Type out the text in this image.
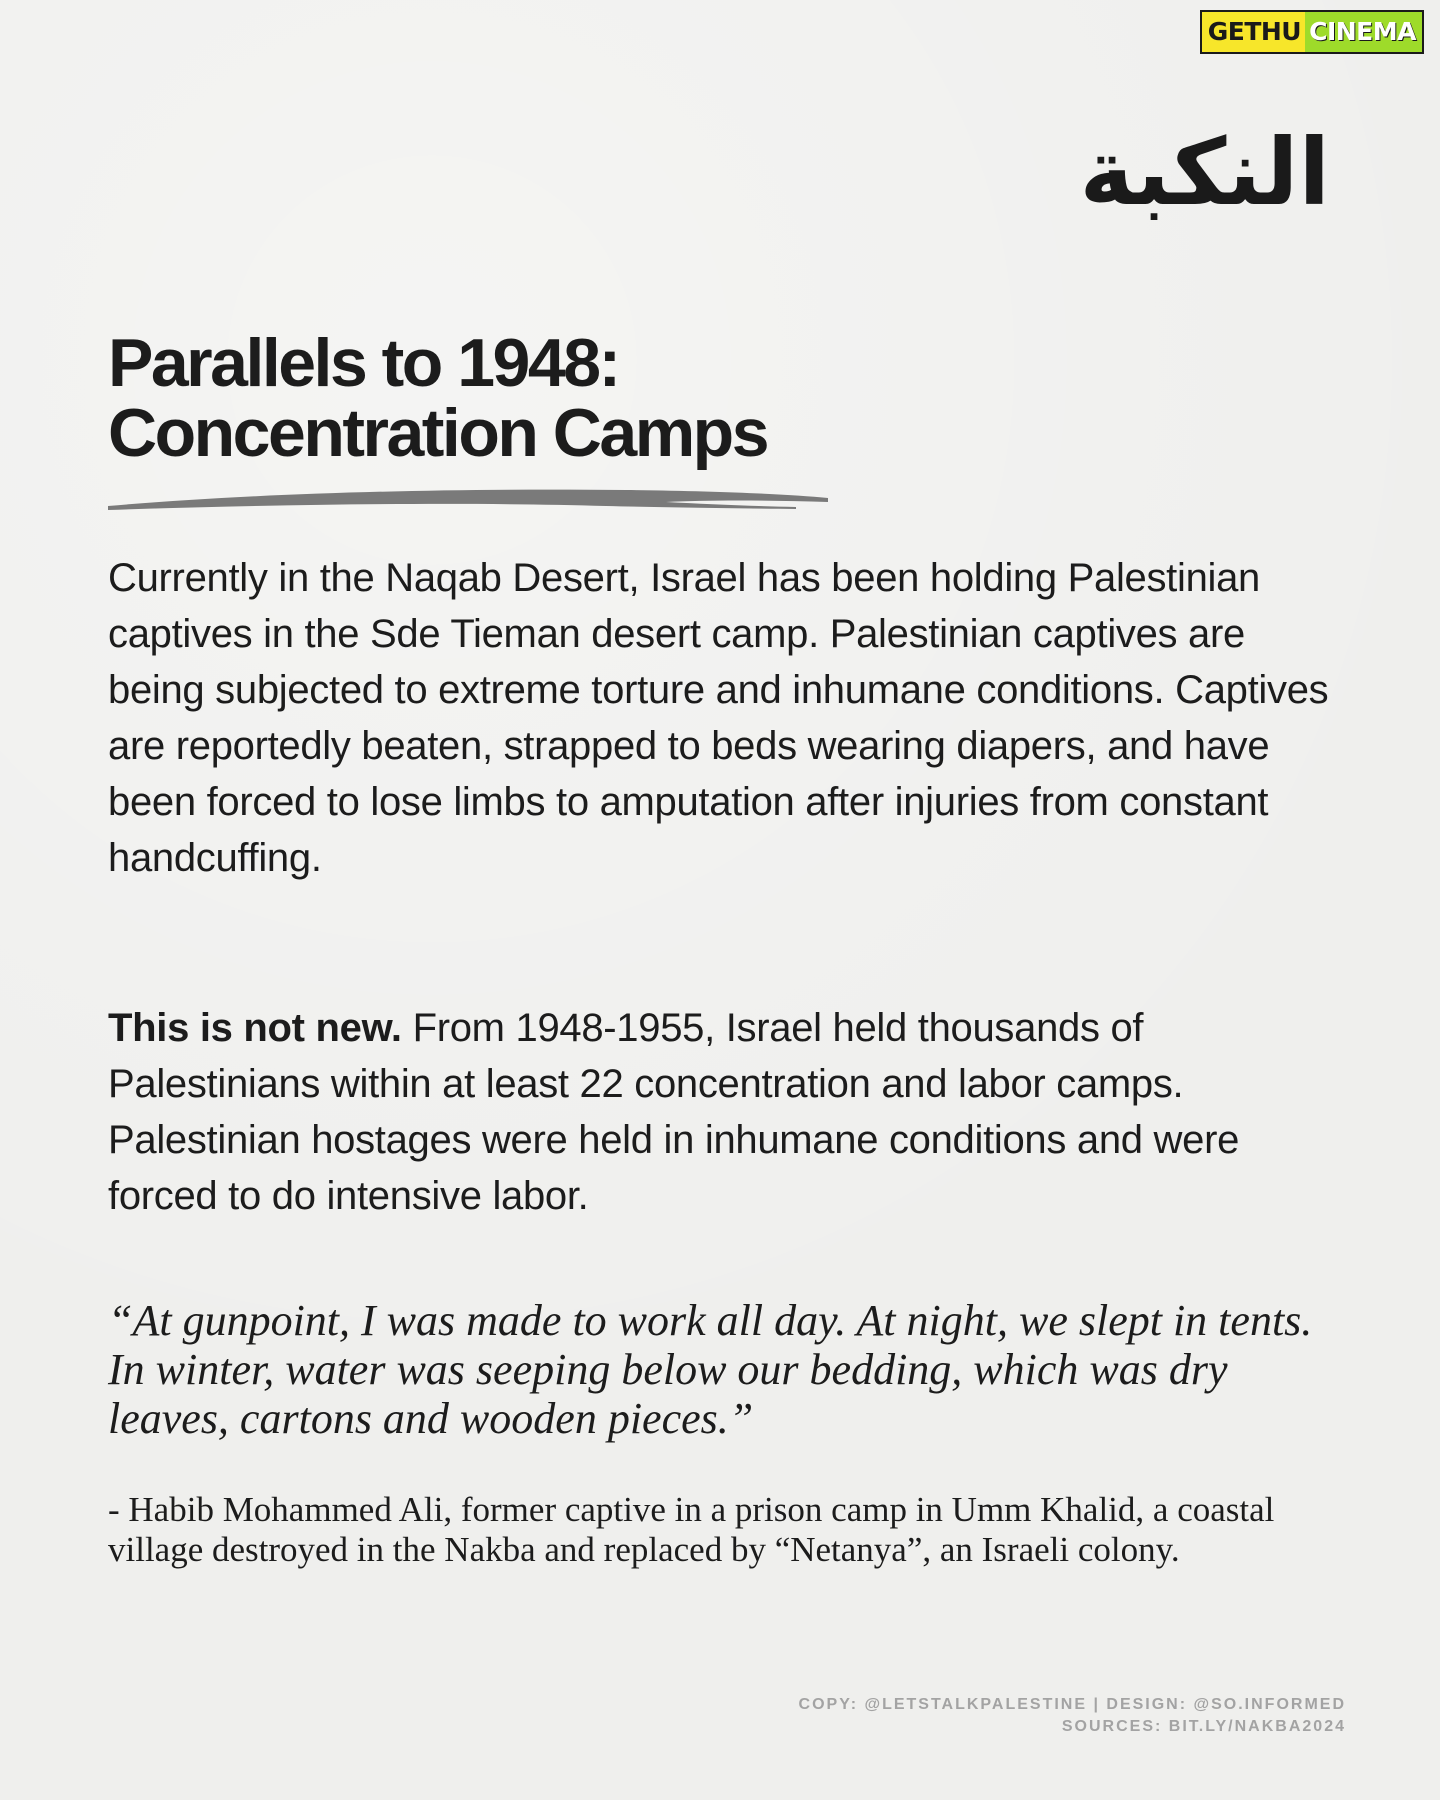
GETHU CINEMA
النكبة
Parallels to 1948:
Concentration Camps
Currently in the Naqab Desert, Israel has been holding Palestinian captives in the Sde Tieman desert camp. Palestinian captives are being subjected to extreme torture and inhumane conditions. Captives are reportedly beaten, strapped to beds wearing diapers, and have been forced to lose limbs to amputation after injuries from constant handcuffing.
This is not new. From 1948-1955, Israel held thousands of Palestinians within at least 22 concentration and labor camps. Palestinian hostages were held in inhumane conditions and were forced to do intensive labor.
“At gunpoint, I was made to work all day. At night, we slept in tents. In winter, water was seeping below our bedding, which was dry leaves, cartons and wooden pieces.”
- Habib Mohammed Ali, former captive in a prison camp in Umm Khalid, a coastal village destroyed in the Nakba and replaced by “Netanya”, an Israeli colony.
COPY: @LETSTALKPALESTINE | DESIGN: @SO.INFORMED
SOURCES: BIT.LY/NAKBA2024
